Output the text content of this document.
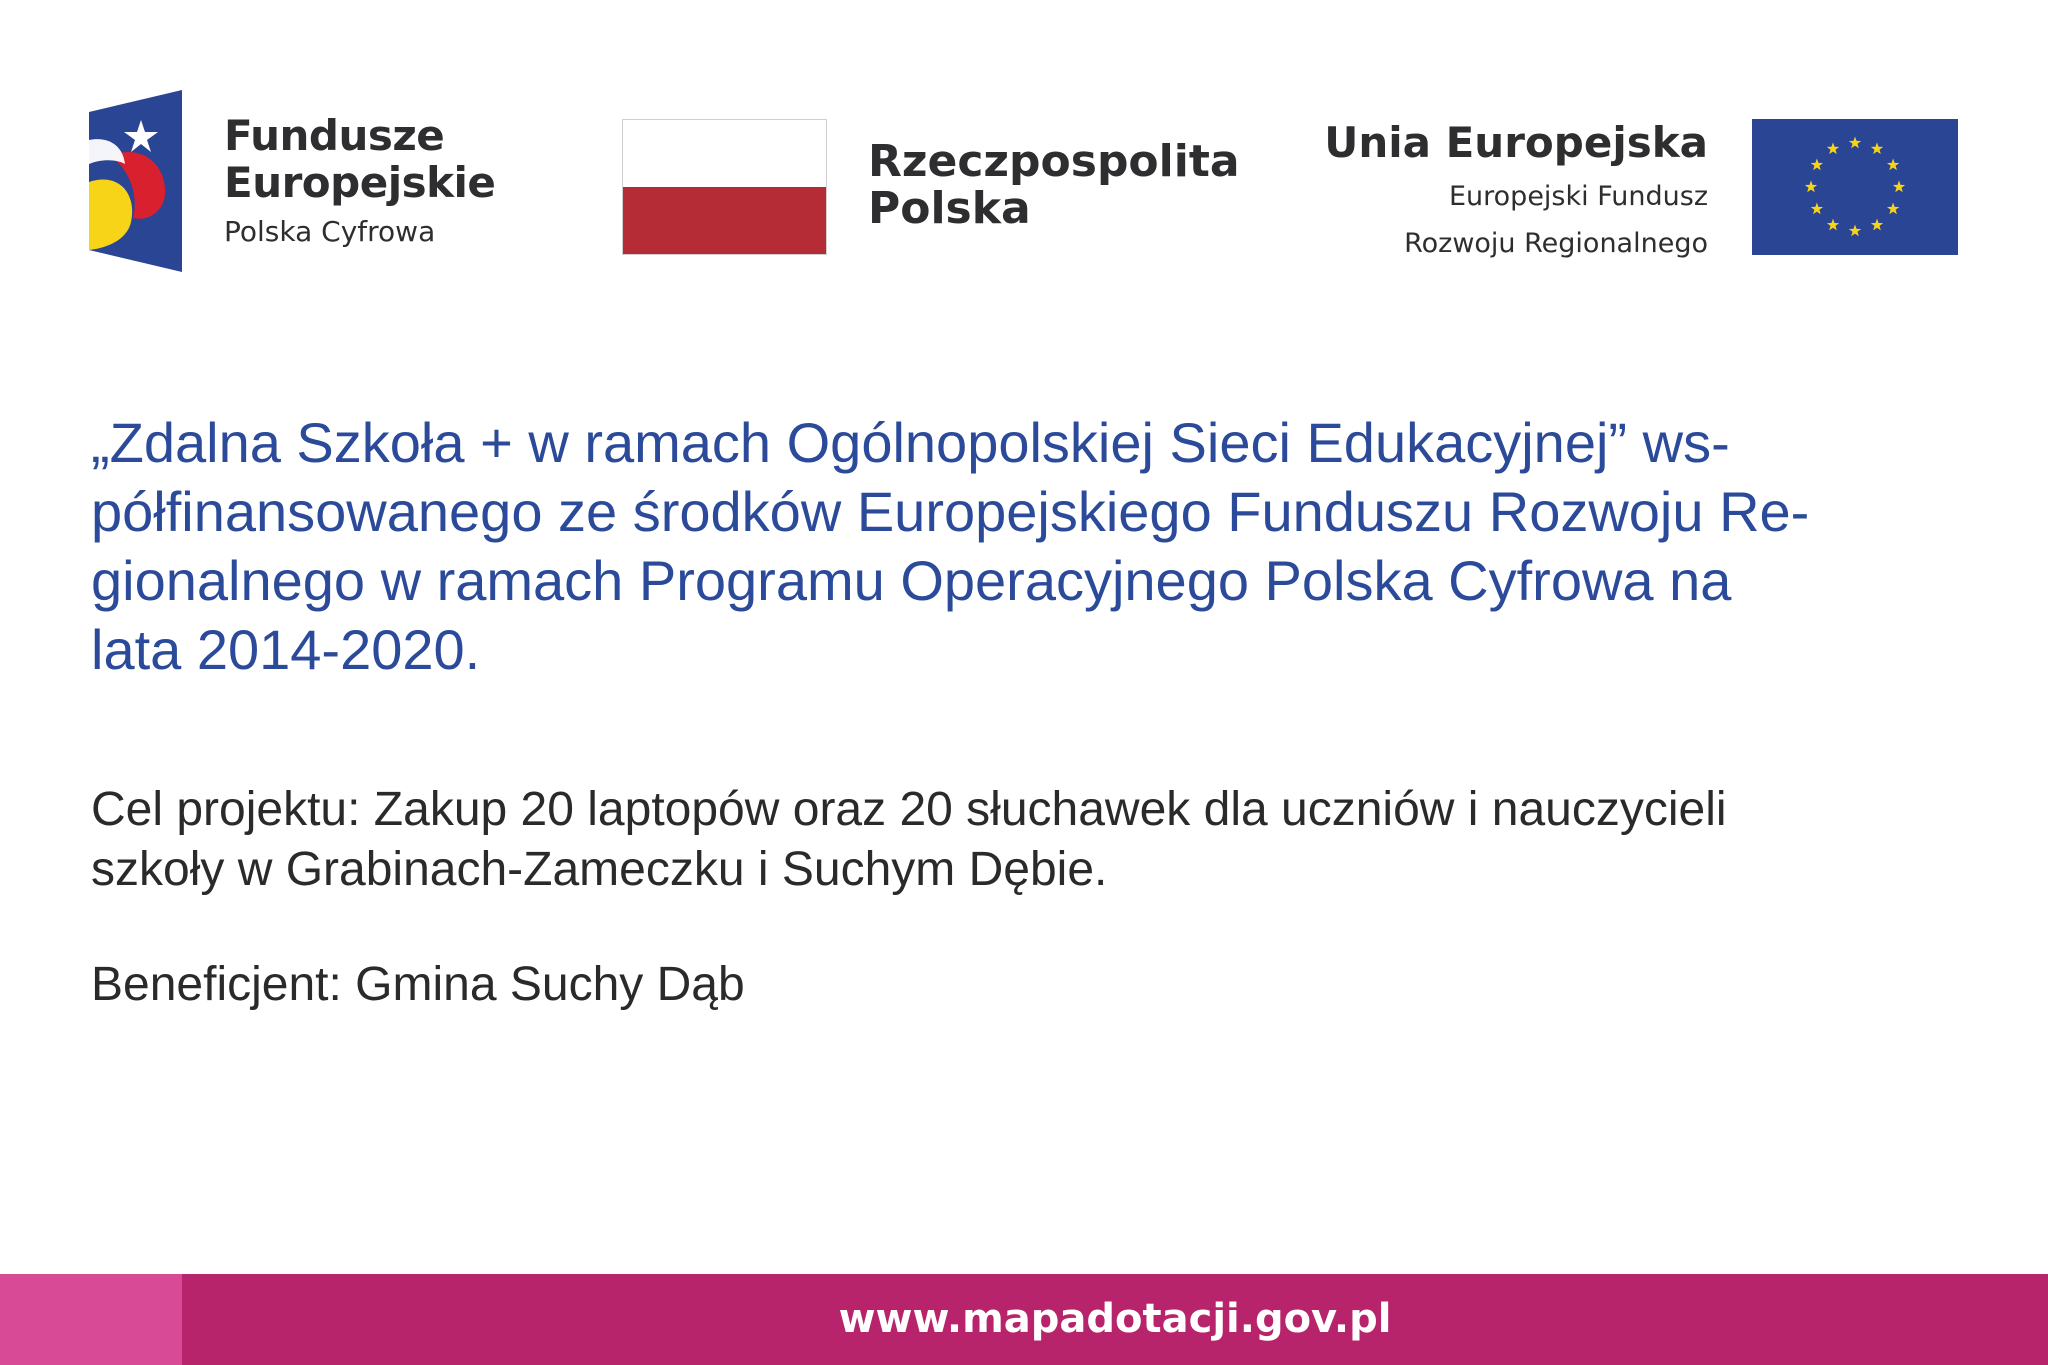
Fundusze
Europejskie
Polska Cyfrowa
Rzeczpospolita
Polska
Unia Europejska
Europejski Fundusz
Rozwoju Regionalnego
„Zdalna Szkoła + w ramach Ogólnopolskiej Sieci Edukacyjnej” ws-
półfinansowanego ze środków Europejskiego Funduszu Rozwoju Re-
gionalnego w ramach Programu Operacyjnego Polska Cyfrowa na
lata 2014-2020.
Cel projektu: Zakup 20 laptopów oraz 20 słuchawek dla uczniów i nauczycieli
szkoły w Grabinach-Zameczku i Suchym Dębie.
Beneficjent: Gmina Suchy Dąb
www.mapadotacji.gov.pl
